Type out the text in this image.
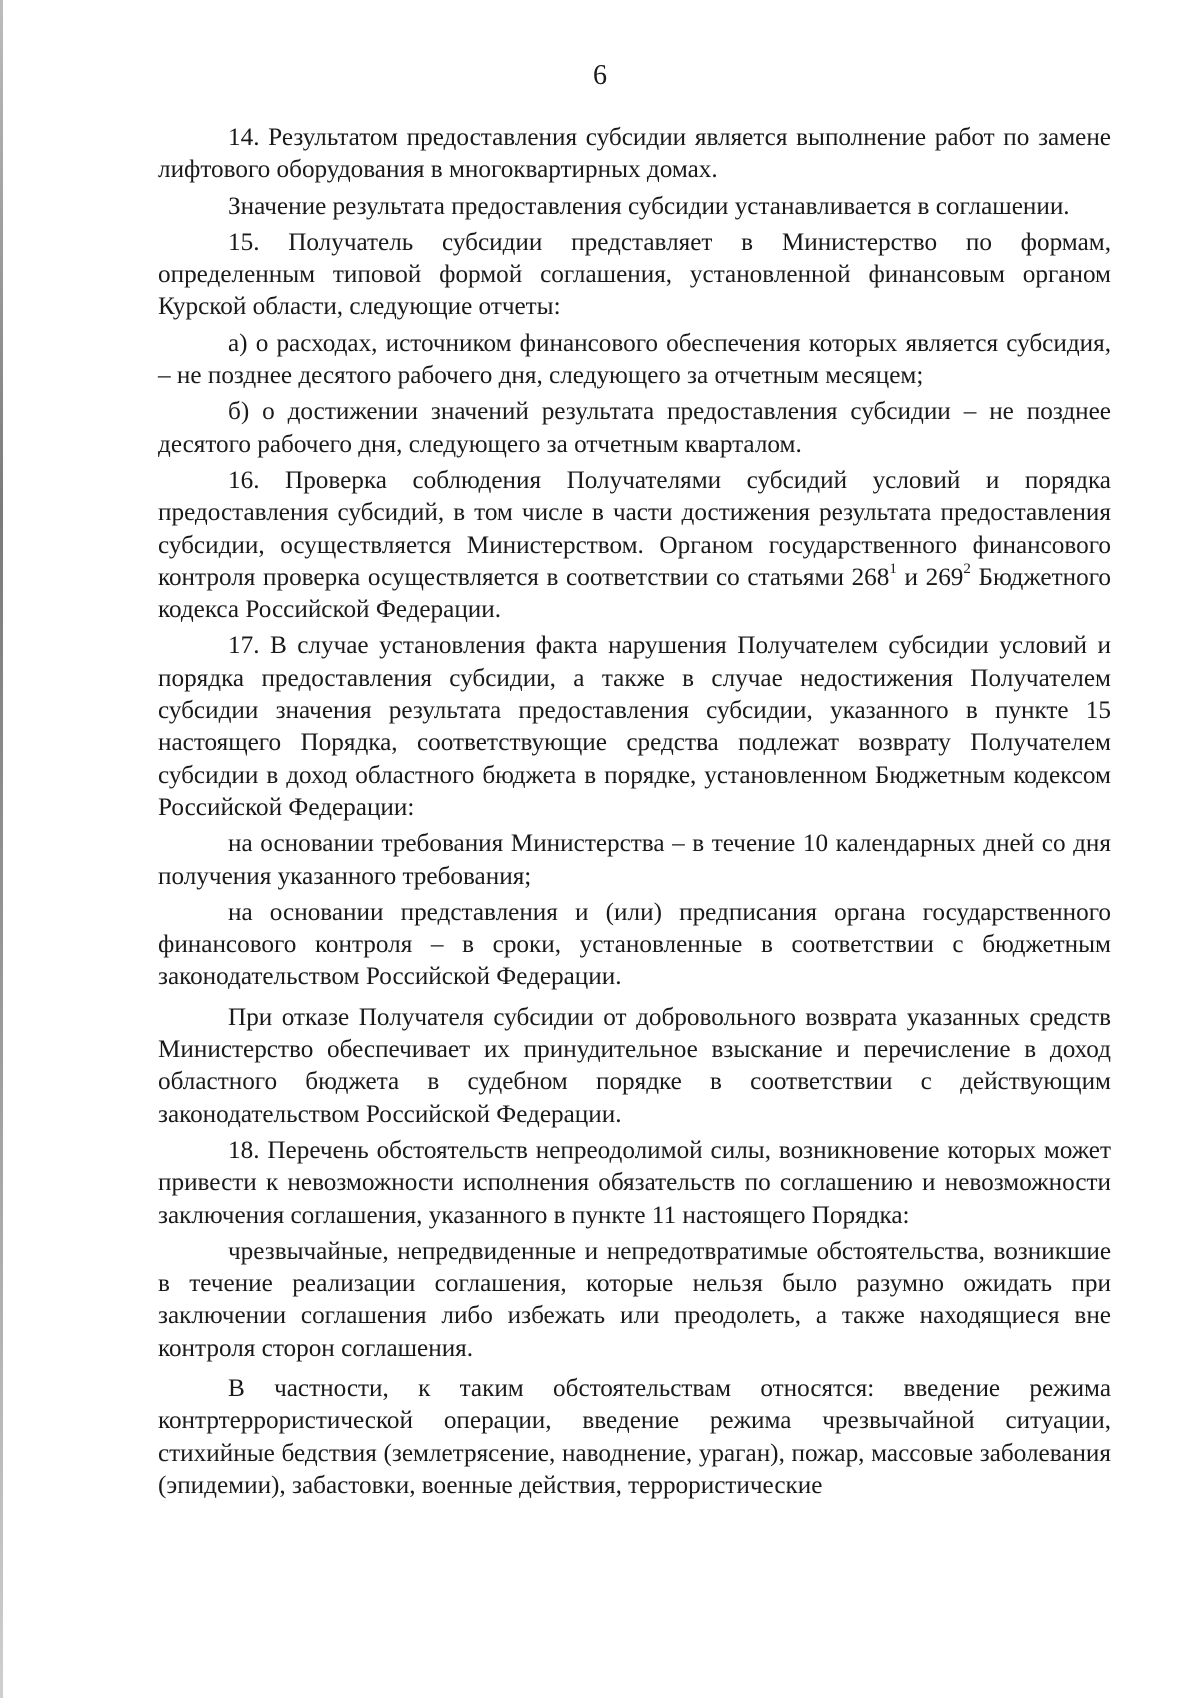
6

14. Результатом предоставления субсидии является выполнение работ по замене лифтового оборудования в многоквартирных домах.

Значение результата предоставления субсидии устанавливается в соглашении.

15. Получатель субсидии представляет в Министерство по формам, определенным типовой формой соглашения, установленной финансовым органом Курской области, следующие отчеты:

а) о расходах, источником финансового обеспечения которых является субсидия, – не позднее десятого рабочего дня, следующего за отчетным месяцем;

б) о достижении значений результата предоставления субсидии – не позднее десятого рабочего дня, следующего за отчетным кварталом.

16. Проверка соблюдения Получателями субсидий условий и порядка предоставления субсидий, в том числе в части достижения результата предоставления субсидии, осуществляется Министерством. Органом государственного финансового контроля проверка осуществляется в соответствии со статьями $268^1$ и $269^2$ Бюджетного кодекса Российской Федерации.

17. В случае установления факта нарушения Получателем субсидии условий и порядка предоставления субсидии, а также в случае недостижения Получателем субсидии значения результата предоставления субсидии, указанного в пункте 15 настоящего Порядка, соответствующие средства подлежат возврату Получателем субсидии в доход областного бюджета в порядке, установленном Бюджетным кодексом Российской Федерации:

на основании требования Министерства – в течение 10 календарных дней со дня получения указанного требования;

на основании представления и (или) предписания органа государственного финансового контроля – в сроки, установленные в соответствии с бюджетным законодательством Российской Федерации.

При отказе Получателя субсидии от добровольного возврата указанных средств Министерство обеспечивает их принудительное взыскание и перечисление в доход областного бюджета в судебном порядке в соответствии с действующим законодательством Российской Федерации.

18. Перечень обстоятельств непреодолимой силы, возникновение которых может привести к невозможности исполнения обязательств по соглашению и невозможности заключения соглашения, указанного в пункте 11 настоящего Порядка:

чрезвычайные, непредвиденные и непредотвратимые обстоятельства, возникшие в течение реализации соглашения, которые нельзя было разумно ожидать при заключении соглашения либо избежать или преодолеть, а также находящиеся вне контроля сторон соглашения.

В частности, к таким обстоятельствам относятся: введение режима контртеррористической операции, введение режима чрезвычайной ситуации, стихийные бедствия (землетрясение, наводнение, ураган), пожар, массовые заболевания (эпидемии), забастовки, военные действия, террористические
